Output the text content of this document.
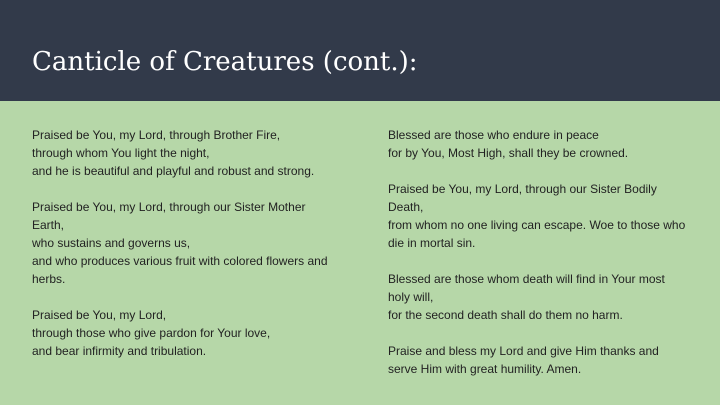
Canticle of Creatures (cont.):

Praised be You, my Lord, through Brother Fire,
through whom You light the night,
and he is beautiful and playful and robust and strong.

Praised be You, my Lord, through our Sister Mother Earth,
who sustains and governs us,
and who produces various fruit with colored flowers and herbs.

Praised be You, my Lord,
through those who give pardon for Your love,
and bear infirmity and tribulation.

Blessed are those who endure in peace
for by You, Most High, shall they be crowned.

Praised be You, my Lord, through our Sister Bodily Death,
from whom no one living can escape. Woe to those who die in mortal sin.

Blessed are those whom death will find in Your most holy will,
for the second death shall do them no harm.

Praise and bless my Lord and give Him thanks and serve Him with great humility. Amen.
